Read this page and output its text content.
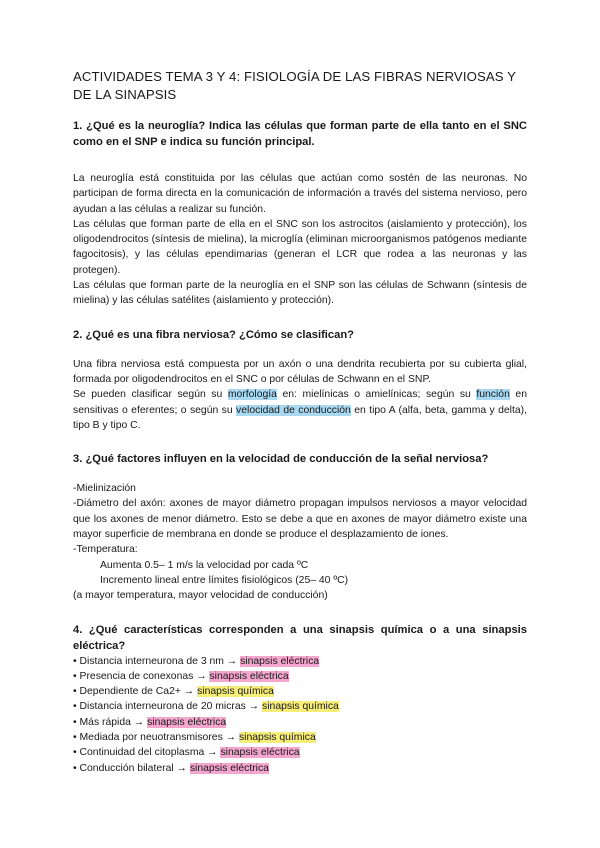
ACTIVIDADES TEMA 3 Y 4: FISIOLOGÍA DE LAS FIBRAS NERVIOSAS Y DE LA SINAPSIS

1. ¿Qué es la neuroglía? Indica las células que forman parte de ella tanto en el SNC como en el SNP e indica su función principal.

La neuroglía está constituida por las células que actúan como sostén de las neuronas. No participan de forma directa en la comunicación de información a través del sistema nervioso, pero ayudan a las células a realizar su función.

Las células que forman parte de ella en el SNC son los astrocitos (aislamiento y protección), los oligodendrocitos (síntesis de mielina), la microglía (eliminan microorganismos patógenos mediante fagocitosis), y las células ependimarias (generan el LCR que rodea a las neuronas y las protegen).

Las células que forman parte de la neuroglía en el SNP son las células de Schwann (síntesis de mielina) y las células satélites (aislamiento y protección).

2. ¿Qué es una fibra nerviosa? ¿Cómo se clasifican?

Una fibra nerviosa está compuesta por un axón o una dendrita recubierta por su cubierta glial, formada por oligodendrocitos en el SNC o por células de Schwann en el SNP.

Se pueden clasificar según su morfología en: mielínicas o amielínicas; según su función en sensitivas o eferentes; o según su velocidad de conducción en tipo A (alfa, beta, gamma y delta), tipo B y tipo C.

3. ¿Qué factores influyen en la velocidad de conducción de la señal nerviosa?

-Mielinización

-Diámetro del axón: axones de mayor diámetro propagan impulsos nerviosos a mayor velocidad que los axones de menor diámetro. Esto se debe a que en axones de mayor diámetro existe una mayor superficie de membrana en donde se produce el desplazamiento de iones.

-Temperatura:

Aumenta 0.5– 1 m/s la velocidad por cada ºC

Incremento lineal entre límites fisiológicos (25– 40 ºC)

(a mayor temperatura, mayor velocidad de conducción)

4. ¿Qué características corresponden a una sinapsis química o a una sinapsis eléctrica?

• Distancia interneurona de 3 nm → sinapsis eléctrica
• Presencia de conexonas → sinapsis eléctrica
• Dependiente de Ca2+ → sinapsis química
• Distancia interneurona de 20 micras → sinapsis química
• Más rápida → sinapsis eléctrica
• Mediada por neuotransmisores → sinapsis química
• Continuidad del citoplasma → sinapsis eléctrica
• Conducción bilateral → sinapsis eléctrica
